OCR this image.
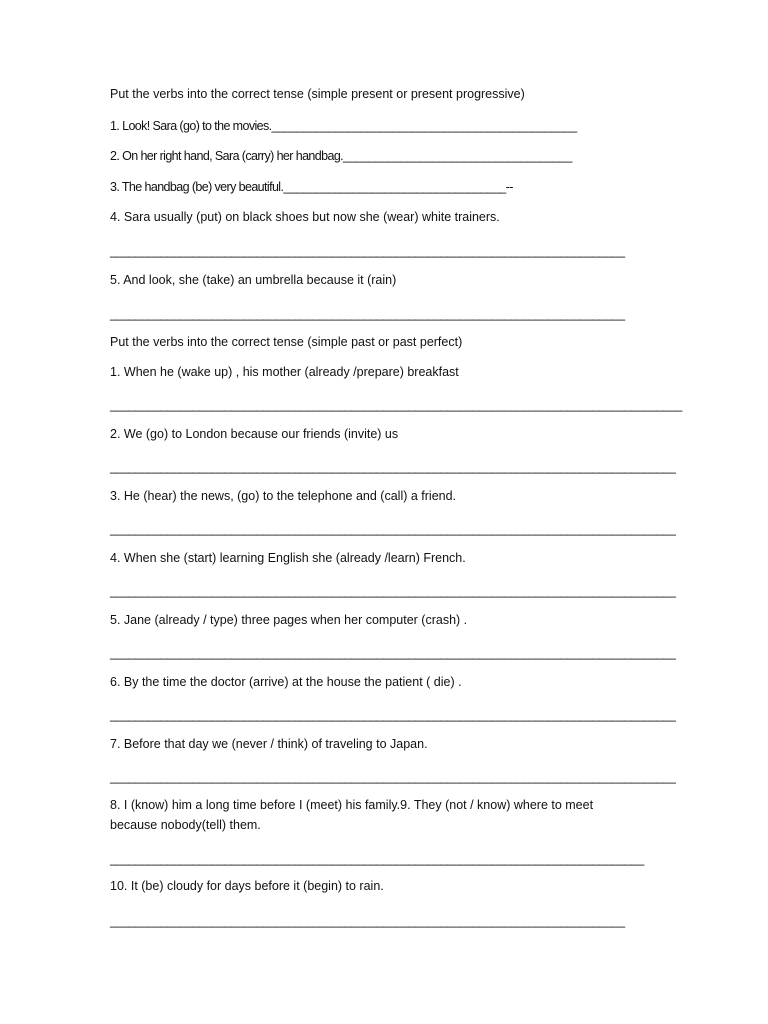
Put the verbs into the correct tense (simple present or present progressive)
1. Look! Sara (go) to the movies.________________________________________________
2. On her right hand, Sara (carry) her handbag.____________________________________
3. The handbag (be) very beautiful.___________________________________--
4. Sara usually (put) on black shoes but now she (wear) white trainers.
_________________________________________________________________________________
5. And look, she (take) an umbrella because it (rain)
_________________________________________________________________________________
Put the verbs into the correct tense (simple past or past perfect)
1. When he (wake up) , his mother (already /prepare) breakfast
__________________________________________________________________________________________
2. We (go) to London because our friends (invite) us
_________________________________________________________________________________________
3. He (hear) the news, (go) to the telephone and (call) a friend.
_________________________________________________________________________________________
4. When she (start) learning English she (already /learn) French.
_________________________________________________________________________________________
5. Jane (already / type) three pages when her computer (crash) .
_________________________________________________________________________________________
6. By the time the doctor (arrive) at the house the patient ( die) .
_________________________________________________________________________________________
7. Before that day we (never / think) of traveling to Japan.
_________________________________________________________________________________________
8. I (know) him a long time before I (meet) his family.9. They (not / know) where to meet
because nobody(tell) them.
____________________________________________________________________________________
10. It (be) cloudy for days before it (begin) to rain.
_________________________________________________________________________________
